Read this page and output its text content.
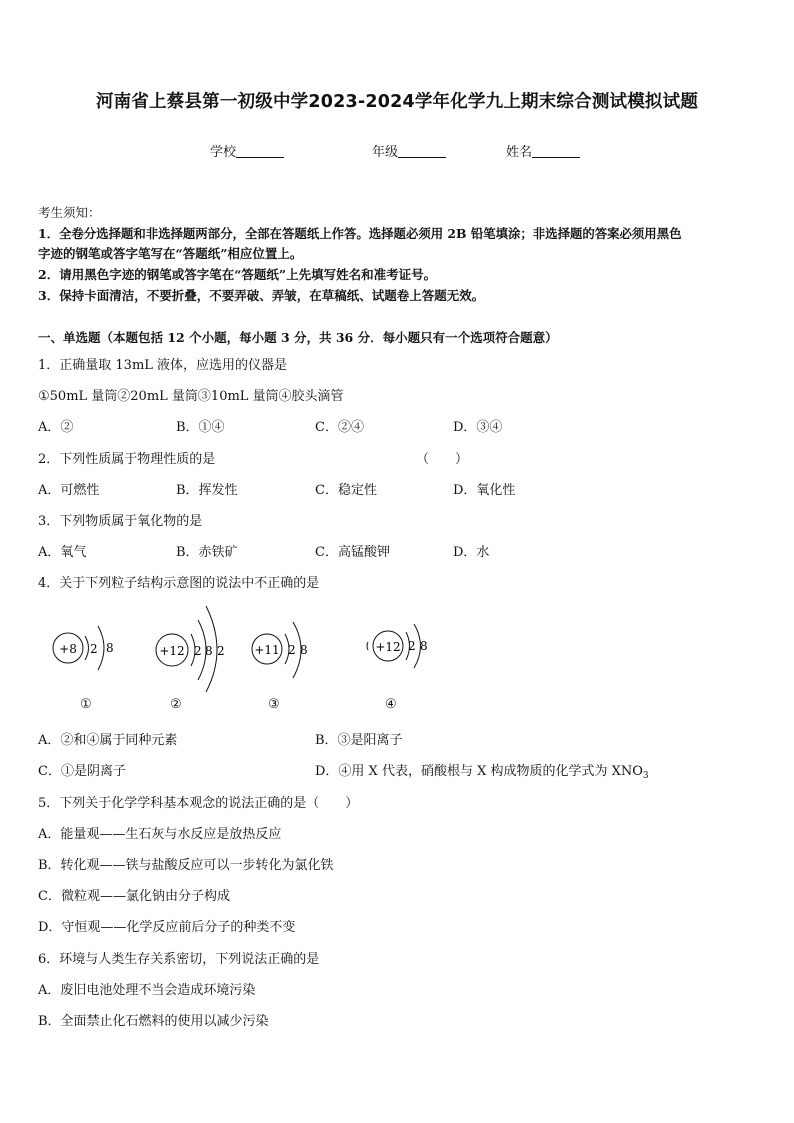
河南省上蔡县第一初级中学2023-2024学年化学九上期末综合测试模拟试题
学校	年级	姓名
考生须知：
1．全卷分选择题和非选择题两部分，全部在答题纸上作答。选择题必须用 2B 铅笔填涂；非选择题的答案必须用黑色
字迹的钢笔或答字笔写在“答题纸”相应位置上。
2．请用黑色字迹的钢笔或答字笔在“答题纸”上先填写姓名和准考证号。
3．保持卡面清洁，不要折叠，不要弄破、弄皱，在草稿纸、试题卷上答题无效。
一、单选题（本题包括 12 个小题，每小题 3 分，共 36 分．每小题只有一个选项符合题意）
1．正确量取 13mL 液体，应选用的仪器是
①50mL 量筒②20mL 量筒③10mL 量筒④胶头滴管
A．②	B．①④	C．②④	D．③④
2．下列性质属于物理性质的是	（　　）
A．可燃性	B．挥发性	C．稳定性	D．氧化性
3．下列物质属于氧化物的是
A．氧气	B．赤铁矿	C．高锰酸钾	D．水
4．关于下列粒子结构示意图的说法中不正确的是
+8 2 8
①
+12 2 8 2
②
+11 2 8
③
+12 2 8
④
A．②和④属于同种元素	B．③是阳离子
C．①是阴离子	D．④用 X 代表，硝酸根与 X 构成物质的化学式为 $XNO_3$
5．下列关于化学学科基本观念的说法正确的是（　　）
A．能量观——生石灰与水反应是放热反应
B．转化观——铁与盐酸反应可以一步转化为氯化铁
C．微粒观——氯化钠由分子构成
D．守恒观——化学反应前后分子的种类不变
6．环境与人类生存关系密切，下列说法正确的是
A．废旧电池处理不当会造成环境污染
B．全面禁止化石燃料的使用以减少污染
